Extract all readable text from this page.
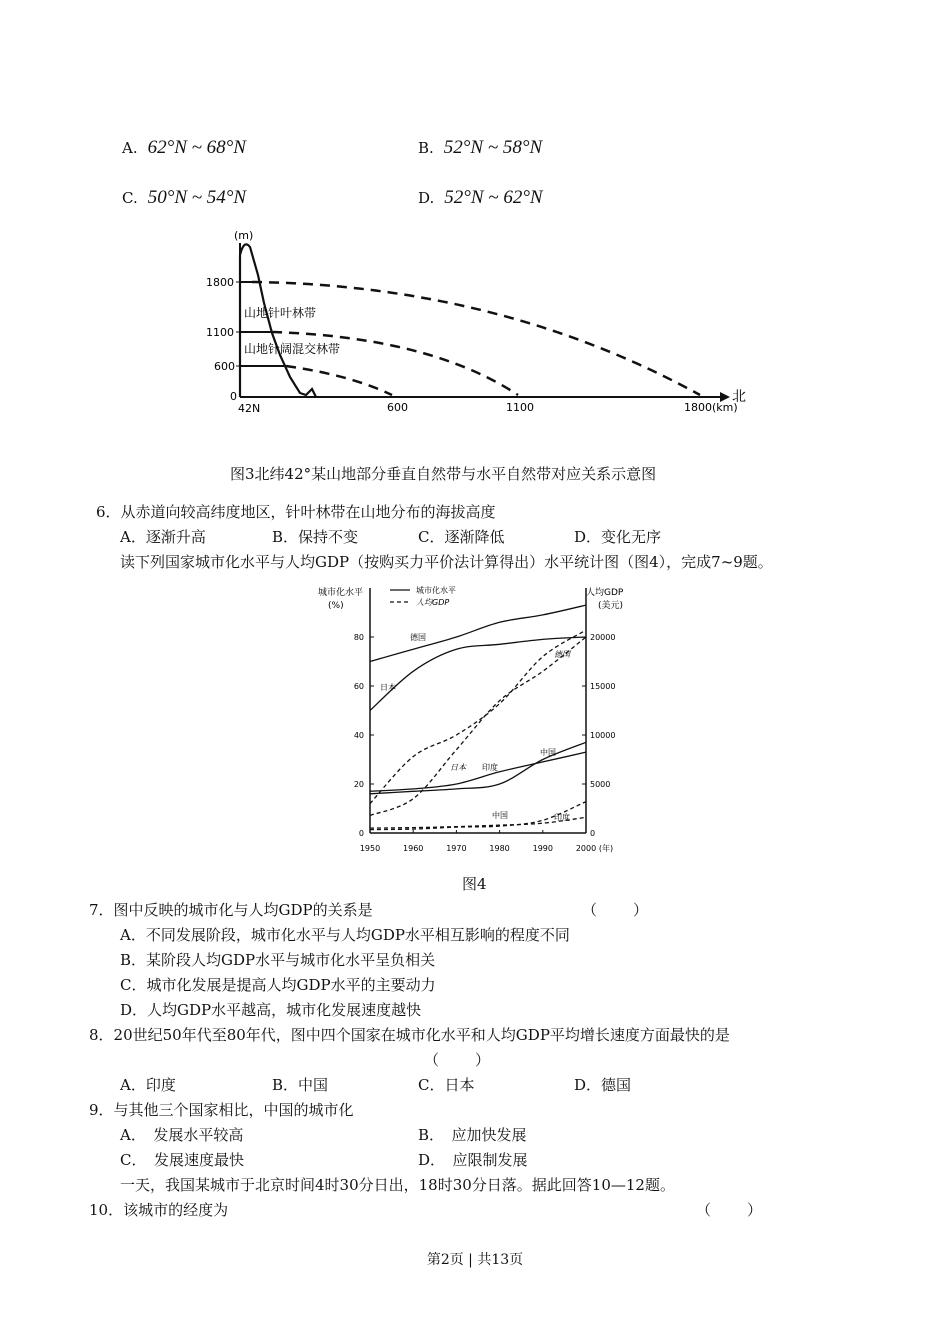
A. 62°N ~ 68°N	B. 52°N ~ 58°N
C. 50°N ~ 54°N	D. 52°N ~ 62°N
(m)
1800
1100
600
0
山地针叶林带
山地针阔混交林带
42N	600	1100	1800(km)
北
图3北纬42°某山地部分垂直自然带与水平自然带对应关系示意图
6．从赤道向较高纬度地区，针叶林带在山地分布的海拔高度
A．逐渐升高	B．保持不变	C．逐渐降低	D．变化无序
读下列国家城市化水平与人均GDP（按购买力平价法计算得出）水平统计图（图4），完成7~9题。
城市化水平
(%)
人均GDP
(美元)
城市化水平
人均GDP
80
60
40
20
0
20000
15000
10000
5000
0
1950	1960	1970	1980	1990	2000 (年)
德国
日本
德国
日本 印度
中国
中国	印度
图4
7．图中反映的城市化与人均GDP的关系是	（　　）
A．不同发展阶段，城市化水平与人均GDP水平相互影响的程度不同
B．某阶段人均GDP水平与城市化水平呈负相关
C．城市化发展是提高人均GDP水平的主要动力
D．人均GDP水平越高，城市化发展速度越快
8．20世纪50年代至80年代，图中四个国家在城市化水平和人均GDP平均增长速度方面最快的是
（　　）
A．印度	B．中国	C．日本	D．德国
9．与其他三个国家相比，中国的城市化
A．　发展水平较高	B．　应加快发展
C．　发展速度最快	D．　应限制发展
一天，我国某城市于北京时间4时30分日出，18时30分日落。据此回答10—12题。
10．该城市的经度为	（　　）
第2页 | 共13页
